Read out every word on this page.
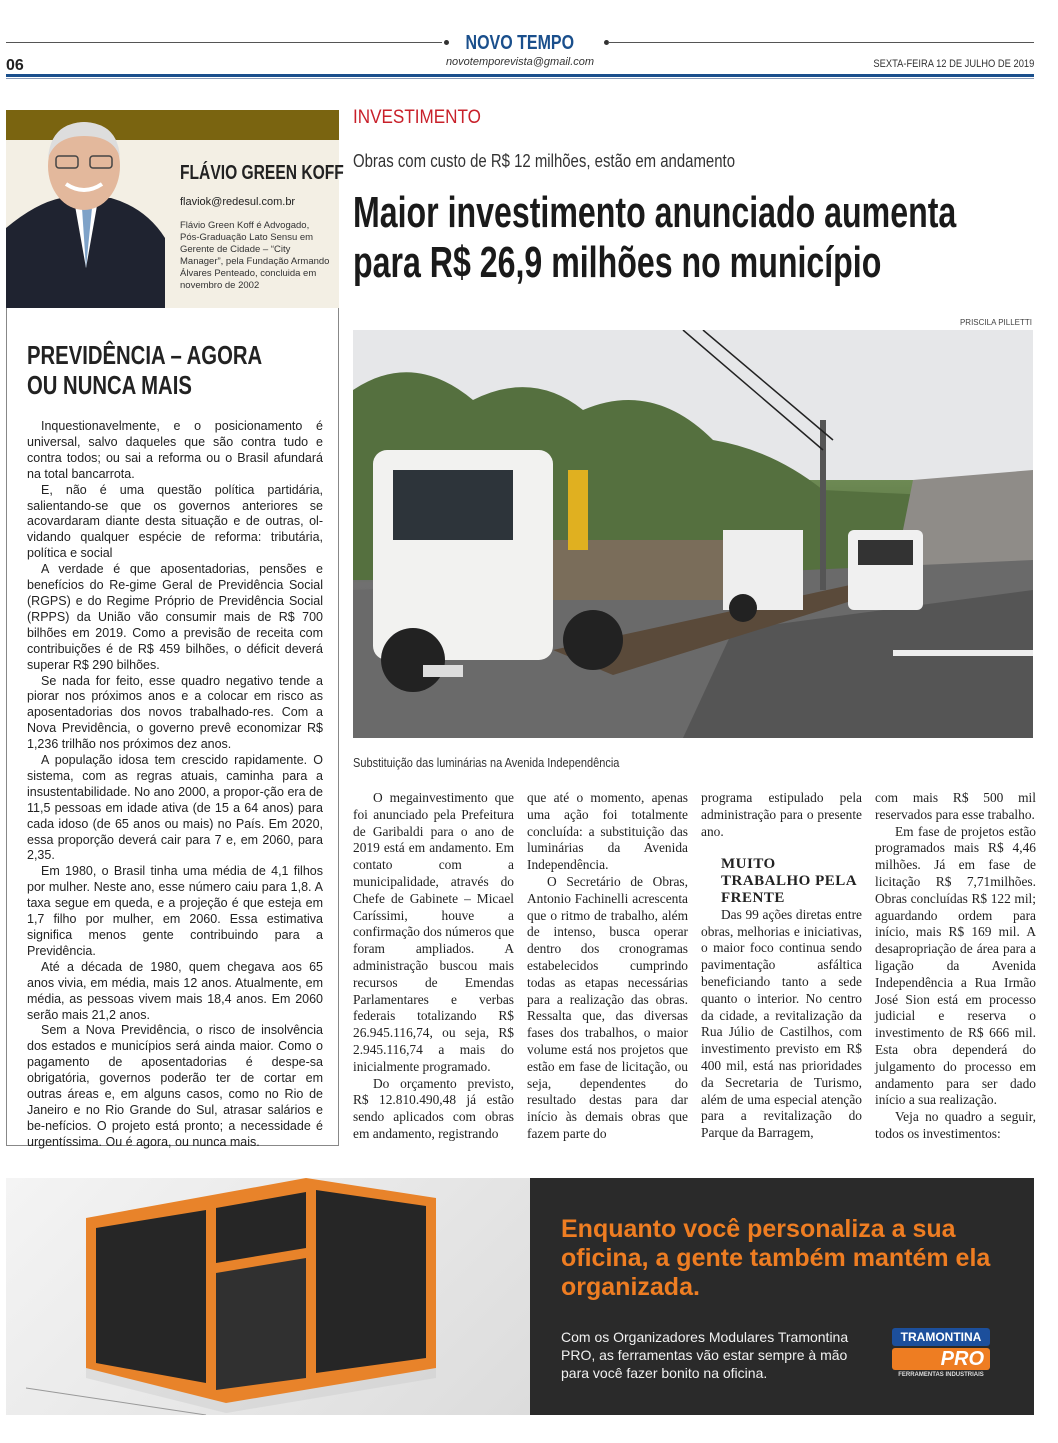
NOVO TEMPO
novotemporevista@gmail.com
06	SEXTA-FEIRA 12 DE JULHO DE 2019
FLÁVIO GREEN KOFF
flaviok@redesul.com.br
Flávio Green Koff é Advogado, Pós-Graduação Lato Sensu em Gerente de Cidade – “City Manager”, pela Fundação Armando Álvares Penteado, concluida em novembro de 2002
PREVIDÊNCIA – AGORA
OU NUNCA MAIS

Inquestionavelmente, e o posicionamento é universal, salvo daqueles que são contra tudo e contra todos; ou sai a reforma ou o Brasil afundará na total bancarrota.

E, não é uma questão política partidária, salientando-se que os governos anteriores se acovardaram diante desta situação e de outras, ol-vidando qualquer espécie de reforma: tributária, política e social

A verdade é que aposentadorias, pensões e benefícios do Re-gime Geral de Previdência Social (RGPS) e do Regime Próprio de Previdência Social (RPPS) da União vão consumir mais de R$ 700 bilhões em 2019. Como a previsão de receita com contribuições é de R$ 459 bilhões, o déficit deverá superar R$ 290 bilhões.

Se nada for feito, esse quadro negativo tende a piorar nos próximos anos e a colocar em risco as aposentadorias dos novos trabalhado-res. Com a Nova Previdência, o governo prevê economizar R$ 1,236 trilhão nos próximos dez anos.

A população idosa tem crescido rapidamente. O sistema, com as regras atuais, caminha para a insustentabilidade. No ano 2000, a propor-ção era de 11,5 pessoas em idade ativa (de 15 a 64 anos) para cada idoso (de 65 anos ou mais) no País. Em 2020, essa proporção deverá cair para 7 e, em 2060, para 2,35.

Em 1980, o Brasil tinha uma média de 4,1 filhos por mulher. Neste ano, esse número caiu para 1,8. A taxa segue em queda, e a projeção é que esteja em 1,7 filho por mulher, em 2060. Essa estimativa significa menos gente contribuindo para a Previdência.

Até a década de 1980, quem chegava aos 65 anos vivia, em média, mais 12 anos. Atualmente, em média, as pessoas vivem mais 18,4 anos. Em 2060 serão mais 21,2 anos.

Sem a Nova Previdência, o risco de insolvência dos estados e municípios será ainda maior. Como o pagamento de aposentadorias é despe-sa obrigatória, governos poderão ter de cortar em outras áreas e, em alguns casos, como no Rio de Janeiro e no Rio Grande do Sul, atrasar salários e be-nefícios. O projeto está pronto; a necessidade é urgentíssima. Ou é agora, ou nunca mais.

INVESTIMENTO
Obras com custo de R$ 12 milhões, estão em andamento
Maior investimento anunciado aumenta
para R$ 26,9 milhões no município
PRISCILA PILLETTI
Substituição das luminárias na Avenida Independência

O megainvestimento que foi anunciado pela Prefeitura de Garibaldi para o ano de 2019 está em andamento. Em contato com a municipalidade, através do Chefe de Gabinete – Micael Caríssimi, houve a confirmação dos números que foram ampliados. A administração buscou mais recursos de Emendas Parlamentares e verbas federais totalizando R$ 26.945.116,74, ou seja, R$ 2.945.116,74 a mais do inicialmente programado.

Do orçamento previsto, R$ 12.810.490,48 já estão sendo aplicados com obras em andamento, registrando

que até o momento, apenas uma ação foi totalmente concluída: a substituição das luminárias da Avenida Independência.

O Secretário de Obras, Antonio Fachinelli acrescenta que o ritmo de trabalho, além de intenso, busca operar dentro dos cronogramas estabelecidos cumprindo todas as etapas necessárias para a realização das obras. Ressalta que, das diversas fases dos trabalhos, o maior volume está nos projetos que estão em fase de licitação, ou seja, dependentes do resultado destas para dar início às demais obras que fazem parte do

programa estipulado pela administração para o presente ano.

MUITO TRABALHO PELA FRENTE

Das 99 ações diretas entre obras, melhorias e iniciativas, o maior foco continua sendo pavimentação asfáltica beneficiando tanto a sede quanto o interior. No centro da cidade, a revitalização da Rua Júlio de Castilhos, com investimento previsto em R$ 400 mil, está nas prioridades da Secretaria de Turismo, além de uma especial atenção para a revitalização do Parque da Barragem,

com mais R$ 500 mil reservados para esse trabalho.

Em fase de projetos estão programados mais R$ 4,46 milhões. Já em fase de licitação R$ 7,71milhões. Obras concluídas R$ 122 mil; aguardando ordem para início, mais R$ 169 mil. A desapropriação de área para a ligação da Avenida Independência a Rua Irmão José Sion está em processo judicial e reserva o investimento de R$ 666 mil. Esta obra dependerá do julgamento do processo em andamento para ser dado início a sua realização.

Veja no quadro a seguir, todos os investimentos:

Enquanto você personaliza a sua oficina, a gente também mantém ela organizada.
Com os Organizadores Modulares Tramontina PRO, as ferramentas vão estar sempre à mão para você fazer bonito na oficina.
TRAMONTINA
PRO
FERRAMENTAS INDUSTRIAIS
